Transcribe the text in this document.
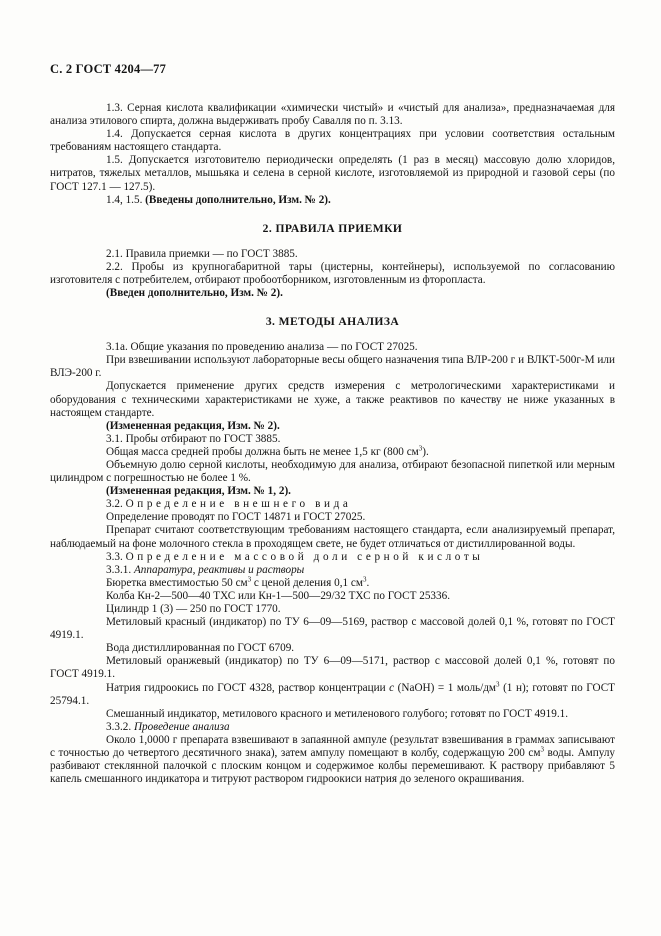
С. 2 ГОСТ 4204—77

1.3. Серная кислота квалификации «химически чистый» и «чистый для анализа», предназначаемая для анализа этилового спирта, должна выдерживать пробу Савалля по п. 3.13.

1.4. Допускается серная кислота в других концентрациях при условии соответствия остальным требованиям настоящего стандарта.

1.5. Допускается изготовителю периодически определять (1 раз в месяц) массовую долю хлоридов, нитратов, тяжелых металлов, мышьяка и селена в серной кислоте, изготовляемой из природной и газовой серы (по ГОСТ 127.1 — 127.5).

1.4, 1.5. (Введены дополнительно, Изм. № 2).

2. ПРАВИЛА ПРИЕМКИ

2.1. Правила приемки — по ГОСТ 3885.

2.2. Пробы из крупногабаритной тары (цистерны, контейнеры), используемой по согласованию изготовителя с потребителем, отбирают пробоотборником, изготовленным из фторопласта.

(Введен дополнительно, Изм. № 2).

3. МЕТОДЫ АНАЛИЗА

3.1а. Общие указания по проведению анализа — по ГОСТ 27025.

При взвешивании используют лабораторные весы общего назначения типа ВЛР-200 г и ВЛКТ-500г-М или ВЛЭ-200 г.

Допускается применение других средств измерения с метрологическими характеристиками и оборудования с техническими характеристиками не хуже, а также реактивов по качеству не ниже указанных в настоящем стандарте.

(Измененная редакция, Изм. № 2).

3.1. Пробы отбирают по ГОСТ 3885.

Общая масса средней пробы должна быть не менее 1,5 кг (800 $см^3$).

Объемную долю серной кислоты, необходимую для анализа, отбирают безопасной пипеткой или мерным цилиндром с погрешностью не более 1 %.

(Измененная редакция, Изм. № 1, 2).

3.2. Определение внешнего вида

Определение проводят по ГОСТ 14871 и ГОСТ 27025.

Препарат считают соответствующим требованиям настоящего стандарта, если анализируемый препарат, наблюдаемый на фоне молочного стекла в проходящем свете, не будет отличаться от дистиллированной воды.

3.3. Определение массовой доли серной кислоты

3.3.1. Аппаратура, реактивы и растворы

Бюретка вместимостью 50 $см^3$ с ценой деления 0,1 $см^3$.

Колба Кн-2—500—40 ТХС или Кн-1—500—29/32 ТХС по ГОСТ 25336.

Цилиндр 1 (3) — 250 по ГОСТ 1770.

Метиловый красный (индикатор) по ТУ 6—09—5169, раствор с массовой долей 0,1 %, готовят по ГОСТ 4919.1.

Вода дистиллированная по ГОСТ 6709.

Метиловый оранжевый (индикатор) по ТУ 6—09—5171, раствор с массовой долей 0,1 %, готовят по ГОСТ 4919.1.

Натрия гидроокись по ГОСТ 4328, раствор концентрации с (NaOH) = 1 моль/$дм^3$ (1 н); готовят по ГОСТ 25794.1.

Смешанный индикатор, метилового красного и метиленового голубого; готовят по ГОСТ 4919.1.

3.3.2. Проведение анализа

Около 1,0000 г препарата взвешивают в запаянной ампуле (результат взвешивания в граммах записывают с точностью до четвертого десятичного знака), затем ампулу помещают в колбу, содержащую 200 $см^3$ воды. Ампулу разбивают стеклянной палочкой с плоским концом и содержимое колбы перемешивают. К раствору прибавляют 5 капель смешанного индикатора и титруют раствором гидроокиси натрия до зеленого окрашивания.
